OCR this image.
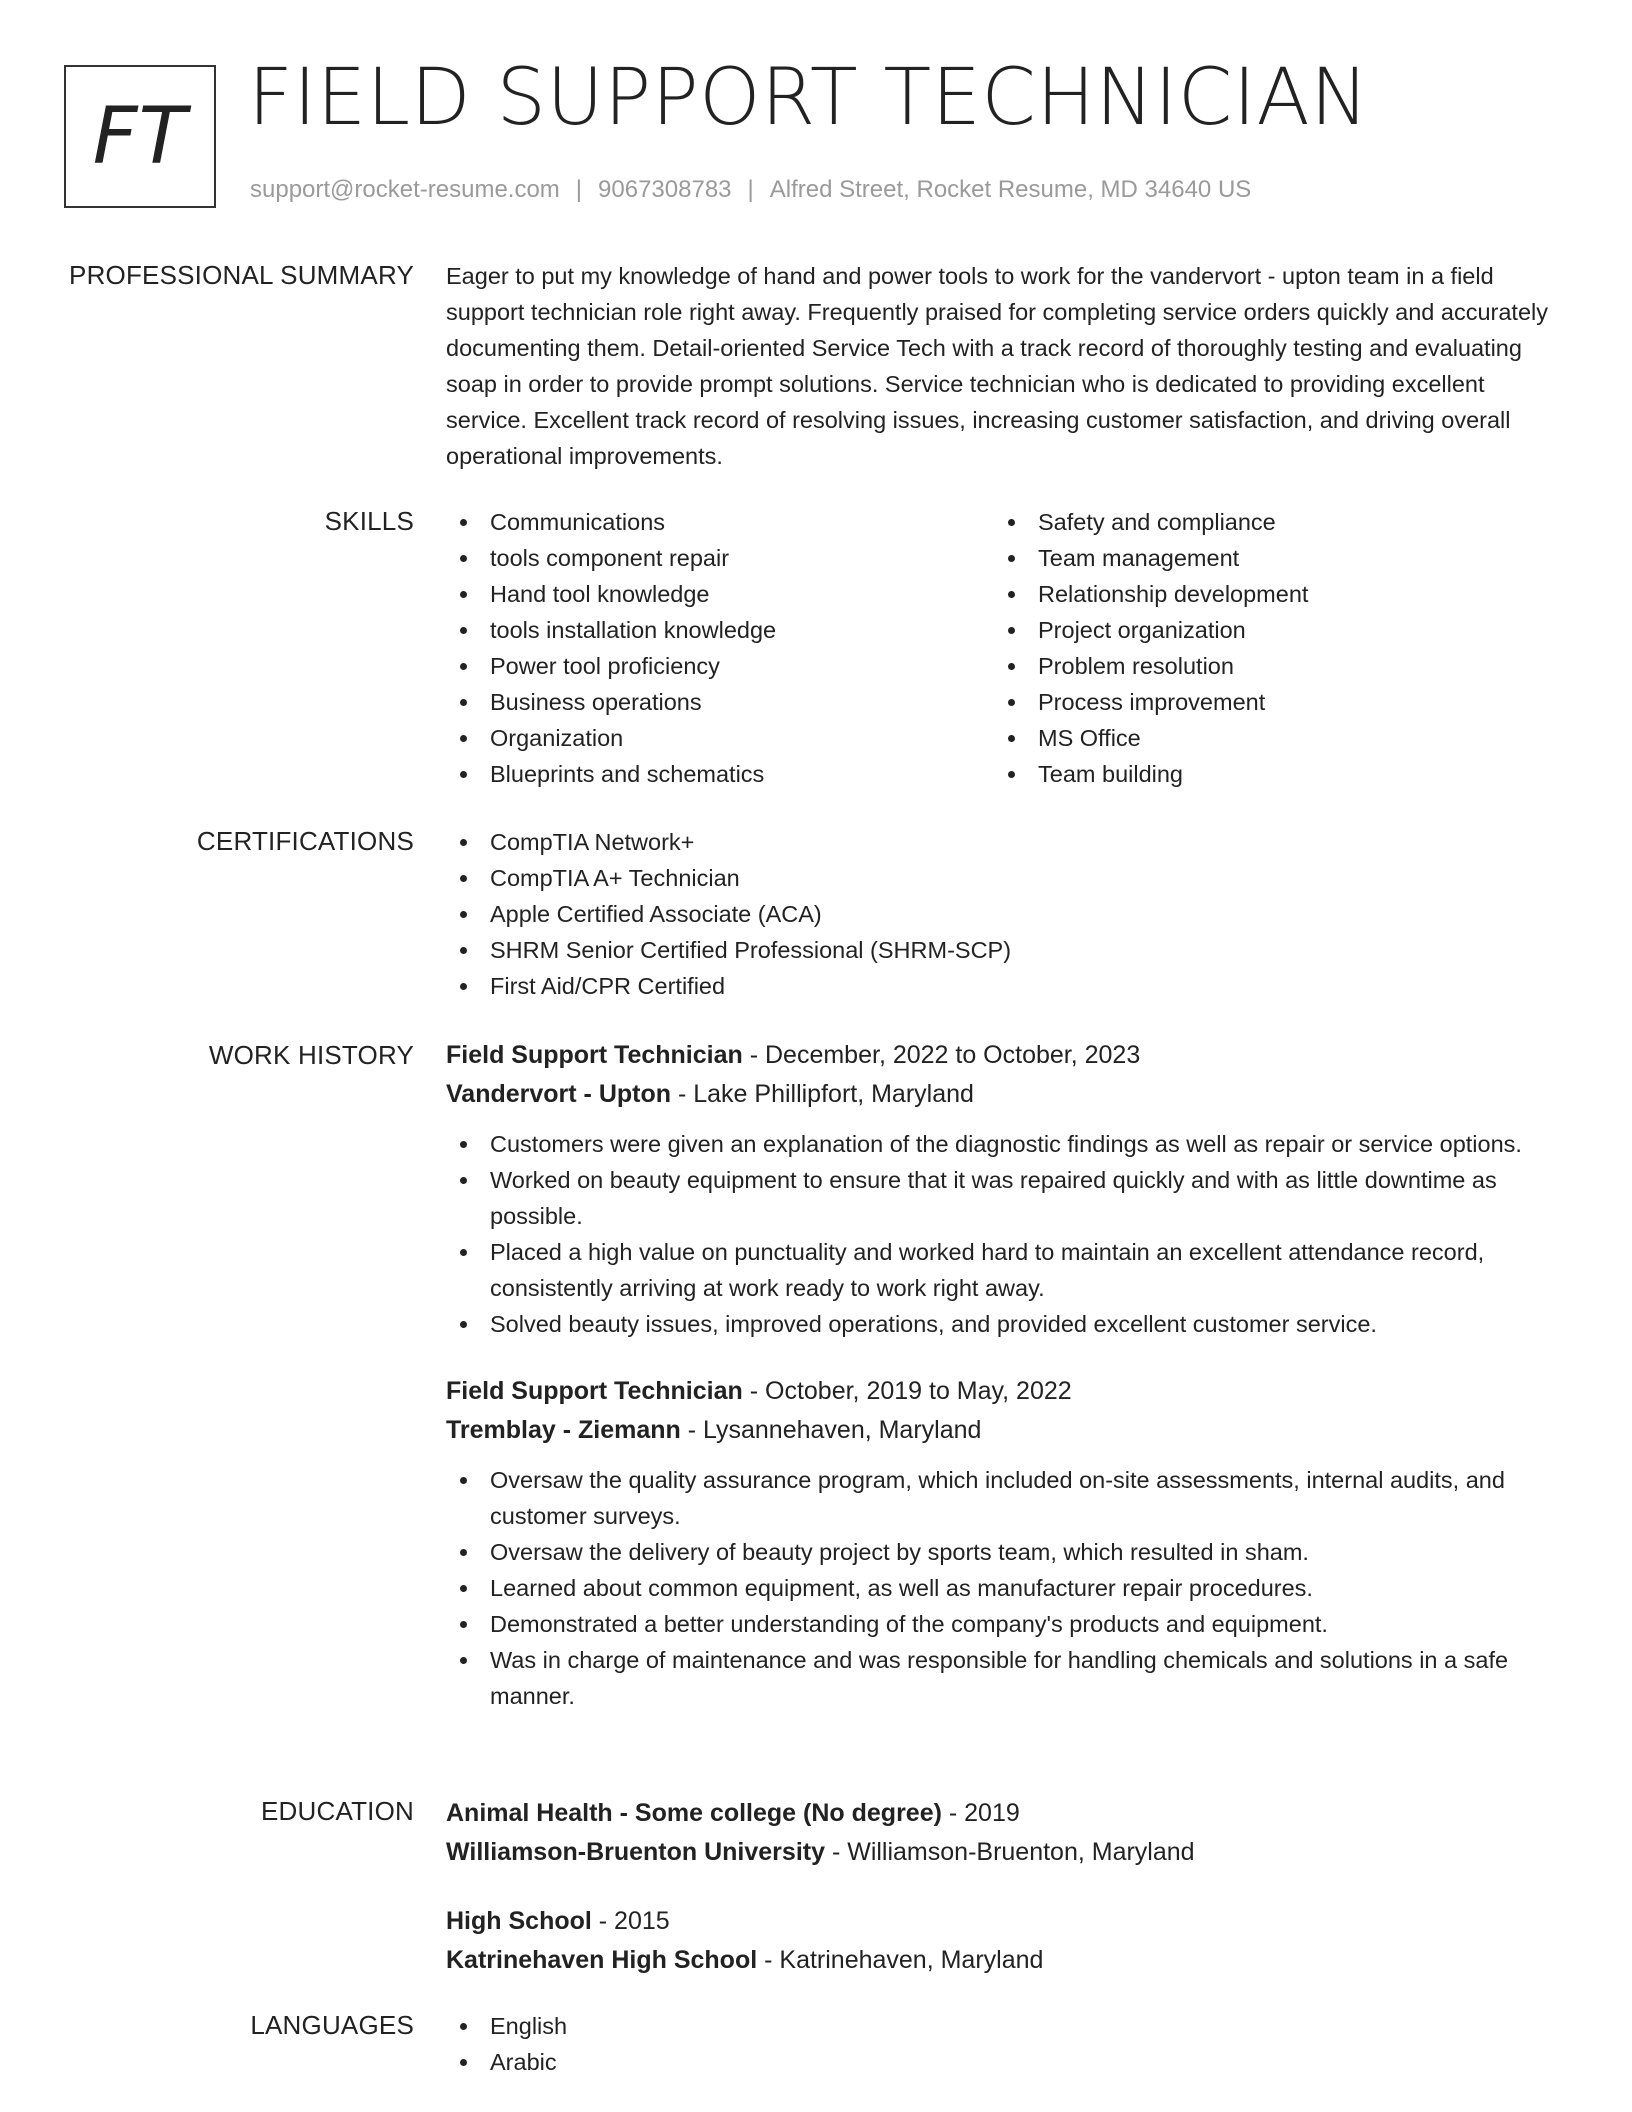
FT FIELD SUPPORT TECHNICIAN
support@rocket-resume.com | 9067308783 | Alfred Street, Rocket Resume, MD 34640 US
PROFESSIONAL SUMMARY Eager to put my knowledge of hand and power tools to work for the vandervort - upton team in a field support technician role right away. Frequently praised for completing service orders quickly and accurately documenting them. Detail-oriented Service Tech with a track record of thoroughly testing and evaluating soap in order to provide prompt solutions. Service technician who is dedicated to providing excellent service. Excellent track record of resolving issues, increasing customer satisfaction, and driving overall operational improvements.
SKILLS	Communications
tools component repair
Hand tool knowledge
tools installation knowledge
Power tool proficiency
Business operations
Organization
Blueprints and schematics
Safety and compliance
Team management
Relationship development
Project organization
Problem resolution
Process improvement
MS Office
Team building
CERTIFICATIONS	CompTIA Network+
CompTIA A+ Technician
Apple Certified Associate (ACA)
SHRM Senior Certified Professional (SHRM-SCP)
First Aid/CPR Certified
WORK HISTORY Field Support Technician - December, 2022 to October, 2023
Vandervort - Upton - Lake Phillipfort, Maryland
Customers were given an explanation of the diagnostic findings as well as repair or service options.
Worked on beauty equipment to ensure that it was repaired quickly and with as little downtime as possible.
Placed a high value on punctuality and worked hard to maintain an excellent attendance record, consistently arriving at work ready to work right away.
Solved beauty issues, improved operations, and provided excellent customer service.
Field Support Technician - October, 2019 to May, 2022
Tremblay - Ziemann - Lysannehaven, Maryland
Oversaw the quality assurance program, which included on-site assessments, internal audits, and customer surveys.
Oversaw the delivery of beauty project by sports team, which resulted in sham.
Learned about common equipment, as well as manufacturer repair procedures.
Demonstrated a better understanding of the company's products and equipment.
Was in charge of maintenance and was responsible for handling chemicals and solutions in a safe manner.
EDUCATION Animal Health - Some college (No degree) - 2019
Williamson-Bruenton University - Williamson-Bruenton, Maryland
High School - 2015
Katrinehaven High School - Katrinehaven, Maryland
LANGUAGES	English
Arabic
